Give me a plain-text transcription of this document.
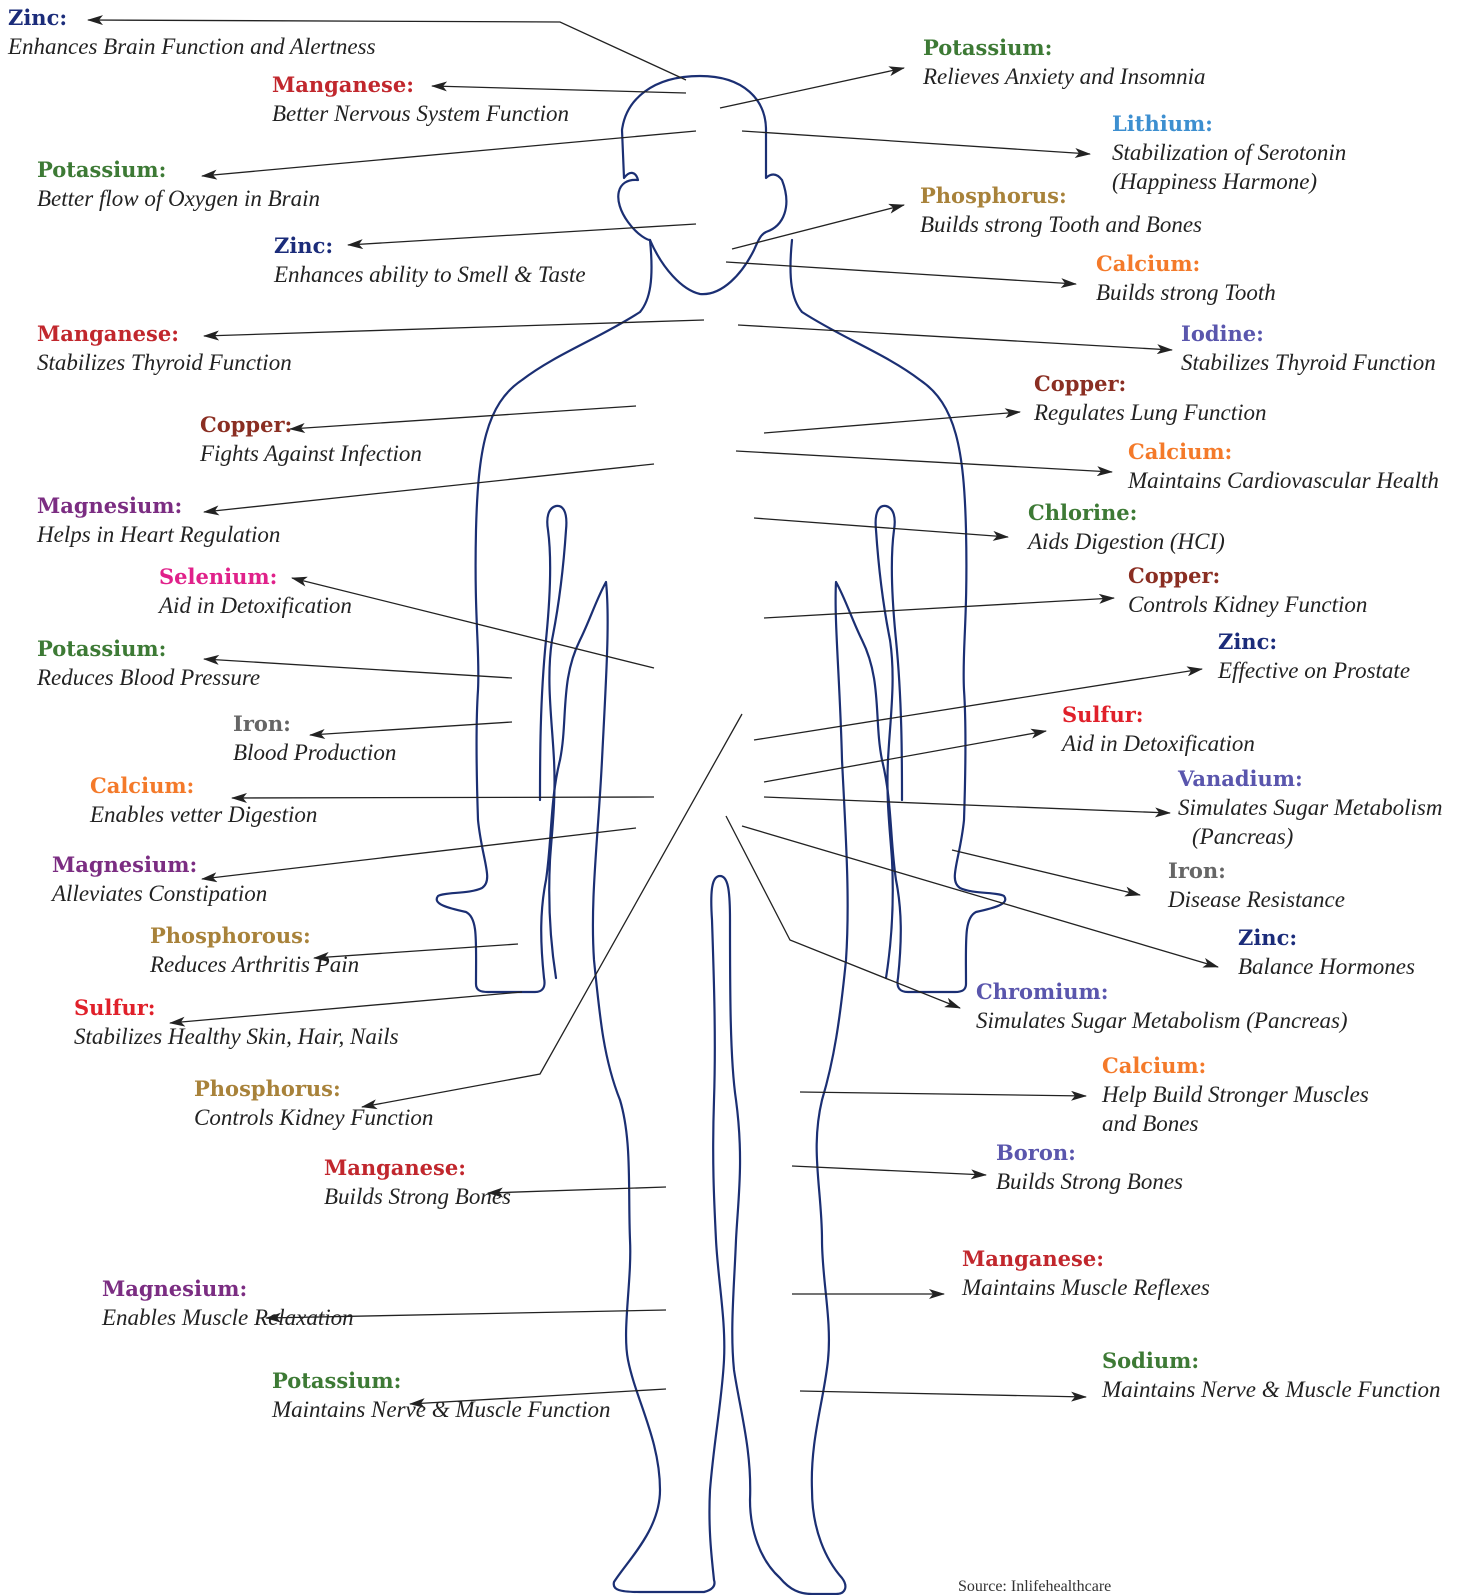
Zinc:
Enhances Brain Function and Alertness
Manganese:
Better Nervous System Function
Potassium:
Better flow of Oxygen in Brain
Zinc:
Enhances ability to Smell & Taste
Manganese:
Stabilizes Thyroid Function
Copper:
Fights Against Infection
Magnesium:
Helps in Heart Regulation
Selenium:
Aid in Detoxification
Potassium:
Reduces Blood Pressure
Iron:
Blood Production
Calcium:
Enables vetter Digestion
Magnesium:
Alleviates Constipation
Phosphorous:
Reduces Arthritis Pain
Sulfur:
Stabilizes Healthy Skin, Hair, Nails
Phosphorus:
Controls Kidney Function
Manganese:
Builds Strong Bones
Magnesium:
Enables Muscle Relaxation
Potassium:
Maintains Nerve & Muscle Function
Potassium:
Relieves Anxiety and Insomnia
Lithium:
Stabilization of Serotonin
(Happiness Harmone)
Phosphorus:
Builds strong Tooth and Bones
Calcium:
Builds strong Tooth
Iodine:
Stabilizes Thyroid Function
Copper:
Regulates Lung Function
Calcium:
Maintains Cardiovascular Health
Chlorine:
Aids Digestion (HCI)
Copper:
Controls Kidney Function
Zinc:
Effective on Prostate
Sulfur:
Aid in Detoxification
Vanadium:
Simulates Sugar Metabolism
(Pancreas)
Iron:
Disease Resistance
Zinc:
Balance Hormones
Chromium:
Simulates Sugar Metabolism (Pancreas)
Calcium:
Help Build Stronger Muscles
and Bones
Boron:
Builds Strong Bones
Manganese:
Maintains Muscle Reflexes
Sodium:
Maintains Nerve & Muscle Function
Source: Inlifehealthcare
